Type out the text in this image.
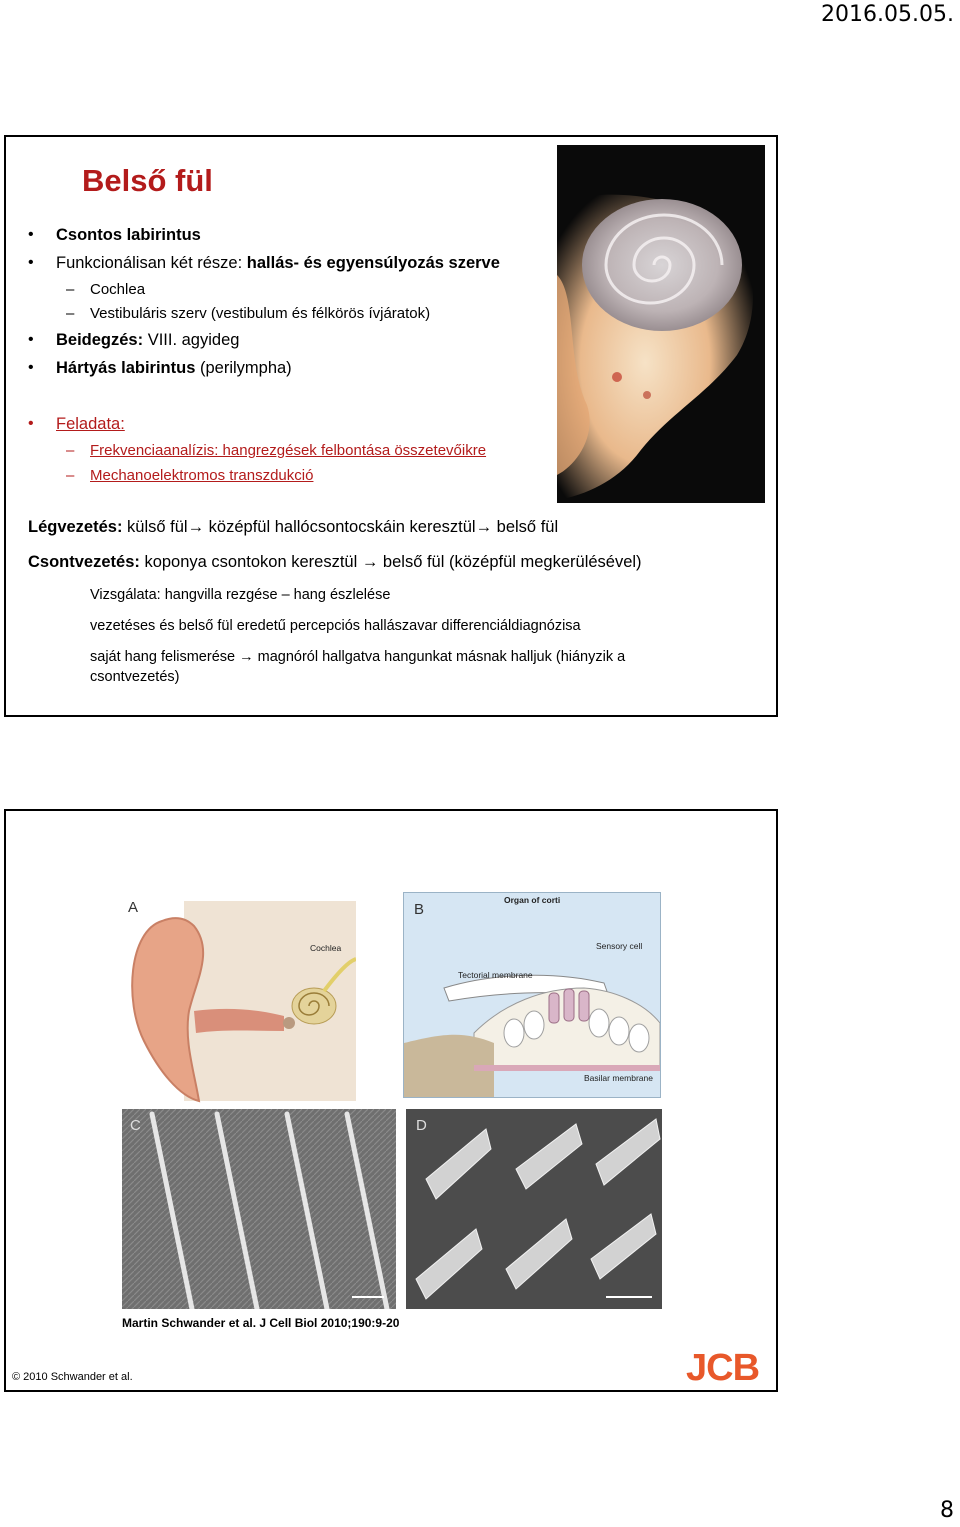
2016.05.05.
Belső fül
• Csontos labirintus
• Funkcionálisan két része: hallás- és egyensúlyozás szerve
– Cochlea
– Vestibuláris szerv (vestibulum és félkörös ívjáratok)
• Beidegzés: VIII. agyideg
• Hártyás labirintus (perilympha)
• Feladata:
– Frekvenciaanalízis: hangrezgések felbontása összetevőikre
– Mechanoelektromos transzdukció
Légvezetés: külső fül→ középfül hallócsontocskáin keresztül→ belső fül
Csontvezetés: koponya csontokon keresztül → belső fül (középfül megkerülésével)
Vizsgálata: hangvilla rezgése – hang észlelése
vezetéses és belső fül eredetű percepciós hallászavar differenciáldiagnózisa
saját hang felismerése → magnóról hallgatva hangunkat másnak halljuk (hiányzik a
csontvezetés)
A
Cochlea
B
Organ of corti
Sensory cell
Tectorial membrane
Basilar membrane
C	D
Martin Schwander et al. J Cell Biol 2010;190:9-20
© 2010 Schwander et al.	JCB
8
